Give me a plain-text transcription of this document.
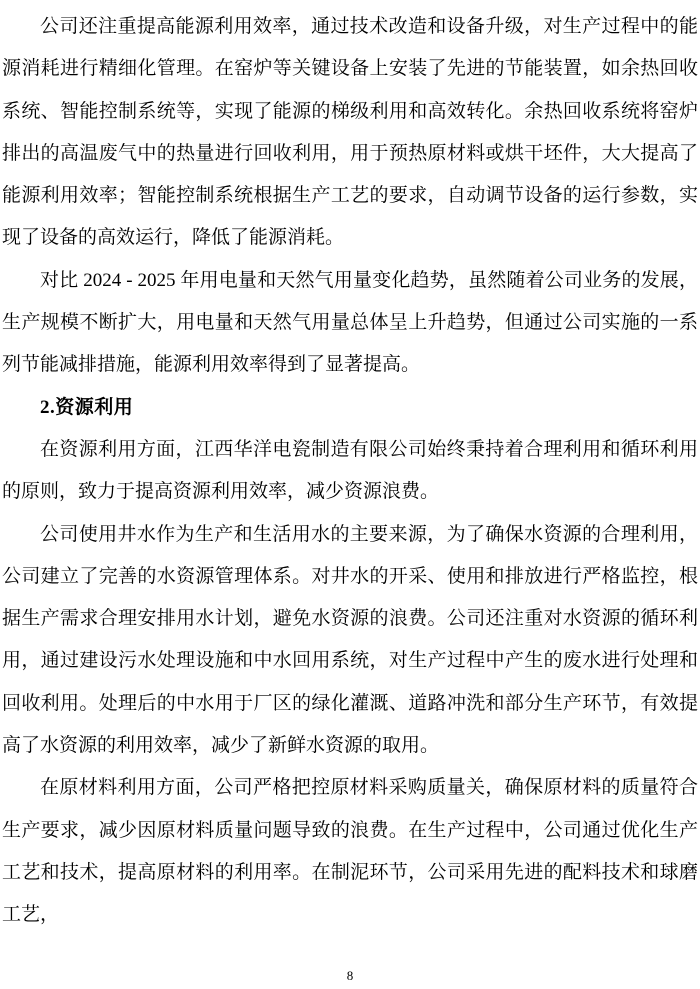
公司还注重提高能源利用效率，通过技术改造和设备升级，对生产过程中的能源消耗进行精细化管理。在窑炉等关键设备上安装了先进的节能装置，如余热回收系统、智能控制系统等，实现了能源的梯级利用和高效转化。余热回收系统将窑炉排出的高温废气中的热量进行回收利用，用于预热原材料或烘干坯件，大大提高了能源利用效率；智能控制系统根据生产工艺的要求，自动调节设备的运行参数，实现了设备的高效运行，降低了能源消耗。

对比 2024 - 2025 年用电量和天然气用量变化趋势，虽然随着公司业务的发展，生产规模不断扩大，用电量和天然气用量总体呈上升趋势，但通过公司实施的一系列节能减排措施，能源利用效率得到了显著提高。

2.资源利用

在资源利用方面，江西华洋电瓷制造有限公司始终秉持着合理利用和循环利用的原则，致力于提高资源利用效率，减少资源浪费。

公司使用井水作为生产和生活用水的主要来源，为了确保水资源的合理利用，公司建立了完善的水资源管理体系。对井水的开采、使用和排放进行严格监控，根据生产需求合理安排用水计划，避免水资源的浪费。公司还注重对水资源的循环利用，通过建设污水处理设施和中水回用系统，对生产过程中产生的废水进行处理和回收利用。处理后的中水用于厂区的绿化灌溉、道路冲洗和部分生产环节，有效提高了水资源的利用效率，减少了新鲜水资源的取用。

在原材料利用方面，公司严格把控原材料采购质量关，确保原材料的质量符合生产要求，减少因原材料质量问题导致的浪费。在生产过程中，公司通过优化生产工艺和技术，提高原材料的利用率。在制泥环节，公司采用先进的配料技术和球磨工艺，

8
